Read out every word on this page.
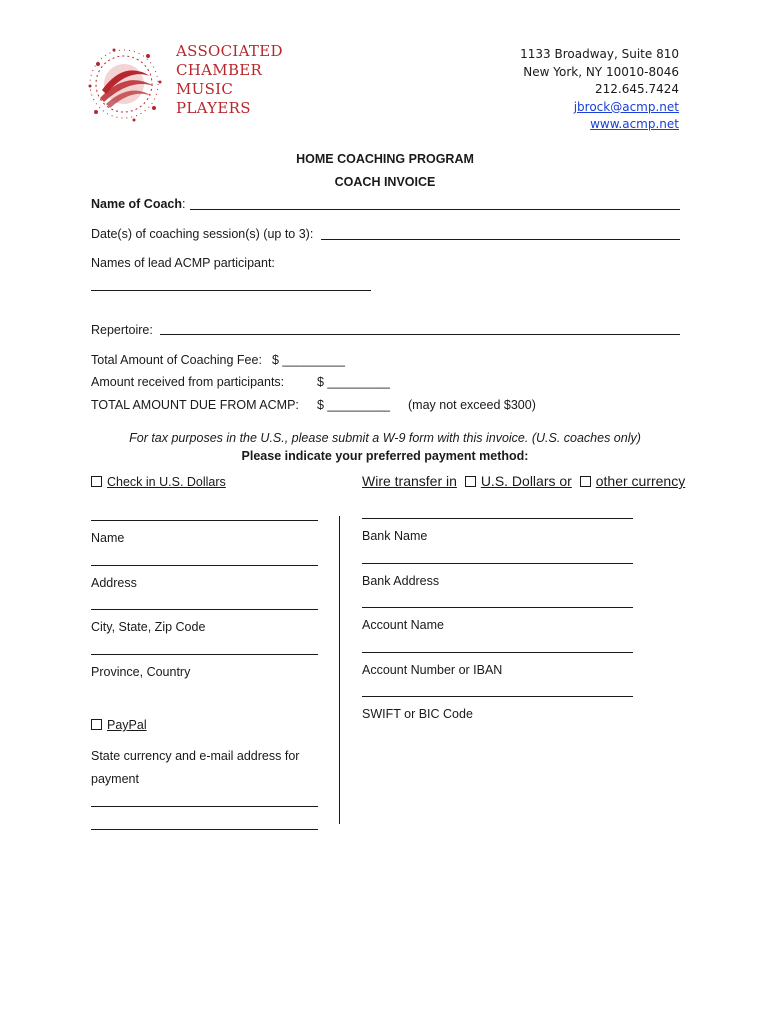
ASSOCIATED
CHAMBER
MUSIC
PLAYERS
1133 Broadway, Suite 810
New York, NY 10010-8046
212.645.7424
jbrock@acmp.net
www.acmp.net
HOME COACHING PROGRAM
COACH INVOICE
Name of Coach:
Date(s) of coaching session(s) (up to 3):
Names of lead ACMP participant:
Repertoire:
Total Amount of Coaching Fee: $ _________
Amount received from participants:	$ _________
TOTAL AMOUNT DUE FROM ACMP: $ _________ (may not exceed $300)
For tax purposes in the U.S., please submit a W-9 form with this invoice. (U.S. coaches only)
Please indicate your preferred payment method:
Check in U.S. Dollars	Wire transfer in U.S. Dollars or other currency
Name
Address
City, State, Zip Code
Province, Country
PayPal
State currency and e-mail address for
payment
Bank Name
Bank Address
Account Name
Account Number or IBAN
SWIFT or BIC Code
